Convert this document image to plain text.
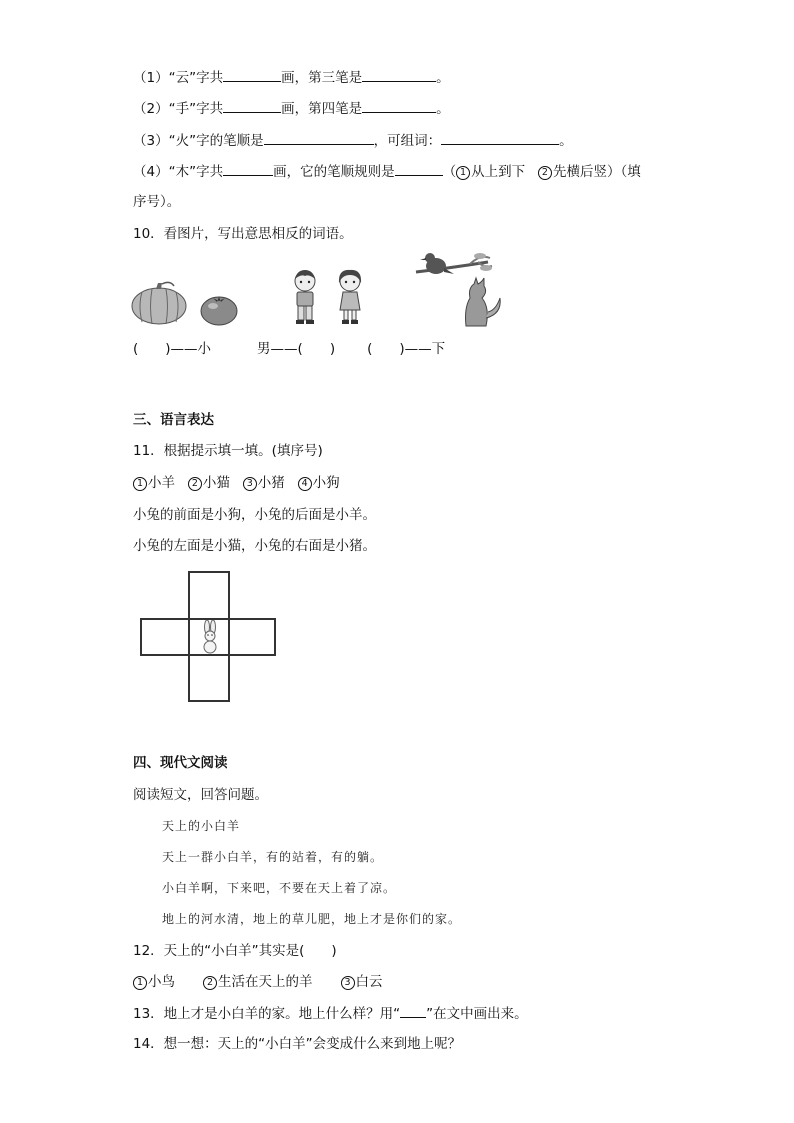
（1）“云”字共	画，第三笔是	。
（2）“手”字共	画，第四笔是	。
（3）“火”字的笔顺是	，可组词：	。
（4）“木”字共	画，它的笔顺规则是	（ 1 从上到下 2 先横后竖）（填
序号）。
10．看图片，写出意思相反的词语。
(　　)——小	男——(　　) (　　)——下
三、语言表达
11．根据提示填一填。(填序号)
1 小羊 2 小猫 3 小猪 4 小狗
小兔的前面是小狗，小兔的后面是小羊。
小兔的左面是小猫，小兔的右面是小猪。
四、现代文阅读
阅读短文，回答问题。
天上的小白羊
天上一群小白羊，有的站着，有的躺。
小白羊啊，下来吧，不要在天上着了凉。
地上的河水清，地上的草儿肥，地上才是你们的家。
12．天上的“小白羊”其实是(　　)
1 小鸟	2 生活在天上的羊	3 白云
13．地上才是小白羊的家。地上什么样？用“ ”在文中画出来。
14．想一想：天上的“小白羊”会变成什么来到地上呢？
